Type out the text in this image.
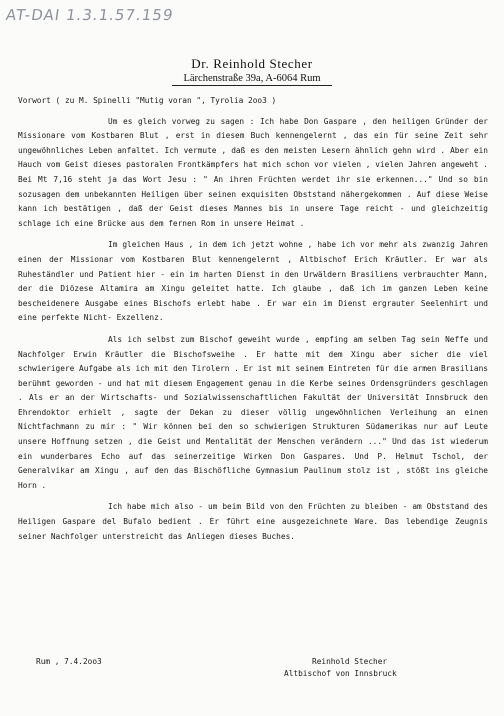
AT-DAI 1.3.1.57.159
Dr. Reinhold Stecher
Lärchenstraße 39a, A-6064 Rum

Vorwort ( zu M. Spinelli "Mutig voran ", Tyrolia 2oo3 )

Um es gleich vorweg zu sagen : Ich habe Don Gaspare , den heiligen Gründer der Missionare vom Kostbaren Blut , erst in diesem Buch kennengelernt , das ein für seine Zeit sehr ungewöhnliches Leben anfaltet. Ich vermute , daß es den meisten Lesern ähnlich gehn wird . Aber ein Hauch vom Geist dieses pastoralen Frontkämpfers hat mich schon vor vielen , vielen Jahren angeweht . Bei Mt 7,16 steht ja das Wort Jesu : " An ihren Früchten werdet ihr sie erkennen..." Und so bin sozusagen dem unbekannten Heiligen über seinen exquisiten Obststand nähergekommen . Auf diese Weise kann ich bestätigen , daß der Geist dieses Mannes bis in unsere Tage reicht - und gleichzeitig schlage ich eine Brücke aus dem fernen Rom in unsere Heimat .

Im gleichen Haus , in dem ich jetzt wohne , habe ich vor mehr als zwanzig Jahren einen der Missionar vom Kostbaren Blut kennengelernt , Altbischof Erich Kräutler. Er war als Ruheständler und Patient hier - ein im harten Dienst in den Urwäldern Brasiliens verbrauchter Mann, der die Diözese Altamira am Xingu geleitet hatte. Ich glaube , daß ich im ganzen Leben keine bescheidenere Ausgabe eines Bischofs erlebt habe . Er war ein im Dienst ergrauter Seelenhirt und eine perfekte Nicht- Exzellenz.

Als ich selbst zum Bischof geweiht wurde , empfing am selben Tag sein Neffe und Nachfolger Erwin Kräutler die Bischofsweihe . Er hatte mit dem Xingu aber sicher die viel schwierigere Aufgabe als ich mit den Tirolern . Er ist mit seinem Eintreten für die armen Brasilians berühmt geworden - und hat mit diesem Engagement genau in die Kerbe seines Ordensgründers geschlagen . Als er an der Wirtschafts- und Sozialwissenschaftlichen Fakultät der Universität Innsbruck den Ehrendoktor erhielt , sagte der Dekan zu dieser völlig ungewöhnlichen Verleihung an einen Nichtfachmann zu mir : " Wir können bei den so schwierigen Strukturen Südamerikas nur auf Leute unsere Hoffnung setzen , die Geist und Mentalität der Menschen verändern ..." Und das ist wiederum ein wunderbares Echo auf das seinerzeitige Wirken Don Gaspares. Und P. Helmut Tschol, der Generalvikar am Xingu , auf den das Bischöfliche Gymnasium Paulinum stolz ist , stößt ins gleiche Horn .

Ich habe mich also - um beim Bild von den Früchten zu bleiben - am Obststand des Heiligen Gaspare del Bufalo bedient . Er führt eine ausgezeichnete Ware. Das lebendige Zeugnis seiner Nachfolger unterstreicht das Anliegen dieses Buches.

Rum , 7.4.2oo3	Reinhold Stecher
Altbischof von Innsbruck
